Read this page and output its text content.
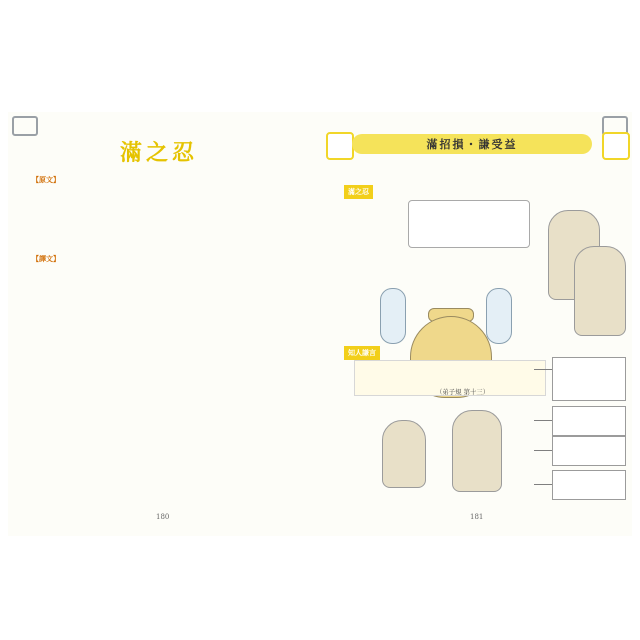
滿之忍
【原文】
【譯文】
180
滿招損・謙受益
滿之忍
知人謙言
（弟子規 第十三）
181
